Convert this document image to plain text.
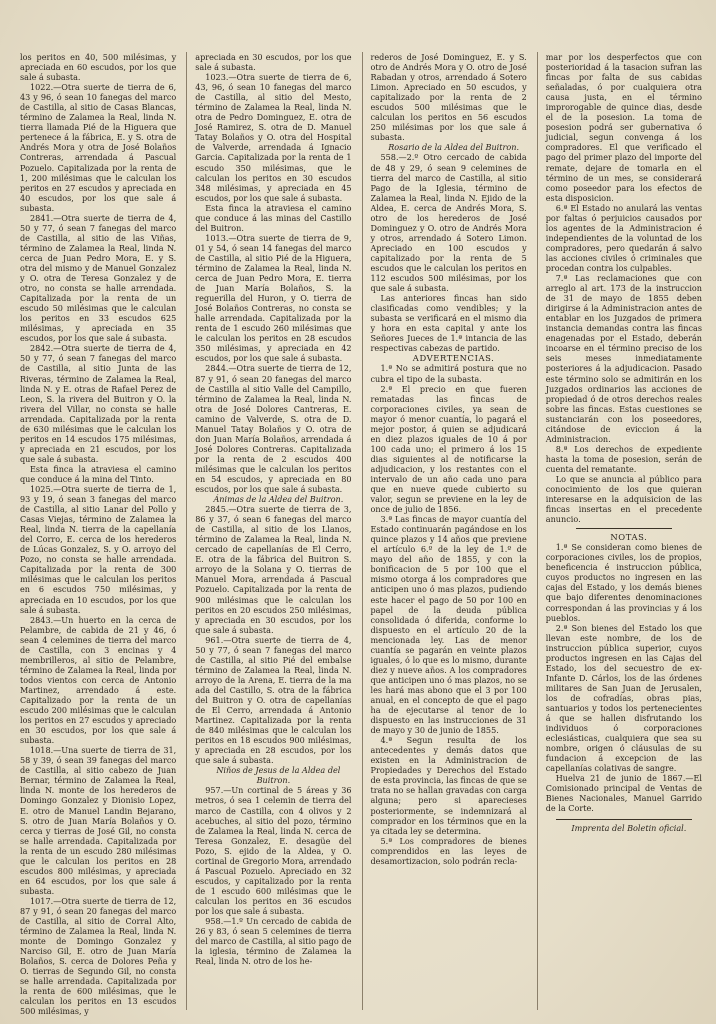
los peritos en 40, 500 milésimas, y apreciada en 60 escudos, por los que sale á subasta.

1022.—Otra suerte de tierra de 6, 43 y 96, ó sean 10 fanegas del marco de Castilla, al sitio de Casas Blancas, término de Zalamea la Real, linda N. tierra llamada Pié de la Higuera que pertenece á la fábrica, E. y S. otra de Andrés Mora y otra de José Bolaños Contreras, arrendada á Pascual Pozuelo. Capitalizada por la renta de 1, 200 milésimas que le calculan los peritos en 27 escudos y apreciada en 40 escudos, por los que sale á subasta.

2841.—Otra suerte de tierra de 4, 50 y 77, ó sean 7 fanegas del marco de Castilla, al sitio de las Viñas, término de Zalamea la Real, linda N. cerca de Juan Pedro Mora, E. y S. otra del mismo y de Manuel Gonzalez y O. otra de Teresa Gonzalez y de otro, no consta se halle arrendada. Capitalizada por la renta de un escudo 50 milésimas que le calculan los peritos en 33 escudos 625 milésimas, y apreciada en 35 escudos, por los que sale á subasta.

2842.—Otra suerte de tierra de 4, 50 y 77, ó sean 7 fanegas del marco de Castilla, al sitio Junta de las Riveras, término de Zalamea la Real, linda N. y E. otras de Rafael Perez de Leon, S. la rivera del Buitron y O. la rivera del Villar, no consta se halle arrendada. Capitalizada por la renta de 630 milésimas que le calculan los peritos en 14 escudos 175 milésimas, y apreciada en 21 escudos, por los que sale á subasta.

Esta finca la atraviesa el camino que conduce á la mina del Tinto.

1025.—Otra suerte de tierra de 1, 93 y 19, ó sean 3 fanegas del marco de Castilla, al sitio Lanar del Pollo y Casas Viejas, término de Zalamea la Real, linda N. tierra de la capellanía del Corro, E. cerca de los herederos de Lúcas Gonzalez, S. y O. arroyo del Pozo, no consta se halle arrendada. Capitalizada por la renta de 300 milésimas que le calculan los peritos en 6 escudos 750 milésimas, y apreciada en 10 escudos, por los que sale á subasta.

2843.—Un huerto en la cerca de Pelambre, de cabida de 21 y 46, ó sean 4 celemines de tierra del marco de Castilla, con 3 encinas y 4 membrilleros, al sitio de Pelambre, término de Zalamea la Real, linda por todos vientos con cerca de Antonio Martinez, arrendado á este. Capitalizado por la renta de un escudo 200 milésimas que le calculan los peritos en 27 escudos y apreciado en 30 escudos, por los que sale á subasta.

1018.—Una suerte de tierra de 31, 58 y 39, ó sean 39 fanegas del marco de Castilla, al sitio cabezo de Juan Bernar, término de Zalamea la Real, linda N. monte de los herederos de Domingo Gonzalez y Dionisio Lopez, E. otro de Manuel Landin Bejarano, S. otro de Juan María Bolaños y O. cerca y tierras de José Gil, no consta se halle arrendada. Capitalizada por la renta de un escudo 280 milésimas que le calculan los peritos en 28 escudos 800 milésimas, y apreciada en 64 escudos, por los que sale á subasta.

1017.—Otra suerte de tierra de 12, 87 y 91, ó sean 20 fanegas del marco de Castilla, al sitio de Corral Alto, término de Zalamea la Real, linda N. monte de Domingo Gonzalez y Narciso Gil, E. otro de Juan María Bolaños, S. cerca de Dolores Peña y O. tierras de Segundo Gil, no consta se halle arrendada. Capitalizada por la renta de 600 milésimas, que le calculan los peritos en 13 escudos 500 milésimas, y

apreciada en 30 escudos, por los que sale á subasta.

1023.—Otra suerte de tierra de 6, 43, 96, ó sean 10 fanegas del marco de Castilla, al sitio del Mesto, término de Zalamea la Real, linda N. otra de Pedro Dominguez, E. otra de José Ramirez, S. otra de D. Manuel Tatay Bolaños y O. otra del Hospital de Valverde, arrendada á Ignacio Garcia. Capitalizada por la renta de 1 escudo 350 milésimas, que le calculan los peritos en 30 escudos 348 milésimas, y apreciada en 45 escudos, por los que sale á subasta.

Esta finca la atraviesa el camino que conduce á las minas del Castillo del Buitron.

1013.—Otra suerte de tierra de 9, 01 y 54, ó sean 14 fanegas del marco de Castilla, al sitio Pié de la Higuera, término de Zalamea la Real, linda N. cerca de Juan Pedro Mora, E. tierra de Juan María Bolaños, S. la reguerilla del Huron, y O. tierra de José Bolaños Contreras, no consta se halle arrendada. Capitalizada por la renta de 1 escudo 260 milésimas que le calculan los peritos en 28 escudos 350 milésimas, y apreciada en 42 escudos, por los que sale á subasta.

2844.—Otra suerte de tierra de 12, 87 y 91, ó sean 20 fanegas del marco de Castilla al sitio Valle del Campillo, término de Zalamea la Real, linda N. otra de José Dolores Cantreras, E. camino de Valverde, S. otra de D. Manuel Tatay Bolaños y O. otra de don Juan María Bolaños, arrendada á José Dolores Contreras. Capitalizada por la renta de 2 escudos 400 milésimas que le calculan los peritos en 54 escudos, y apreciada en 80 escudos, por los que sale á subasta.

Ánimas de la Aldea del Buitron.

2845.—Otra suerte de tierra de 3, 86 y 37, ó sean 6 fanegas del marco de Castilla, al sitio de los Llanos, término de Zalamea la Real, linda N. cercado de capellanías de El Cerro, E. otra de la fábrica del Buitron S. arroyo de la Solana y O. tierras de Manuel Mora, arrendada á Pascual Pozuelo. Capitalizada por la renta de 900 milésimas que le calculan los peritos en 20 escudos 250 milésimas, y apreciada en 30 escudos, por los que sale á subasta.

961.—Otra suerte de tierra de 4, 50 y 77, ó sean 7 fanegas del marco de Castilla, al sitio Pié del embalse término de Zalamea la Real, linda N. arroyo de la Arena, E. tierra de la ma ada del Castillo, S. otra de la fábrica del Buitron y O. otra de capellanías de El Cerro, arrendada á Antonio Martinez. Capitalizada por la renta de 840 milésimas que le calculan los peritos en 18 escudos 900 milésimas, y apreciada en 28 escudos, por los que sale á subasta.

Niños de Jesus de la Aldea del Buitron.

957.—Un cortinal de 5 áreas y 36 metros, ó sea 1 celemin de tierra del marco de Castilla, con 4 olivos y 2 acebuches, al sitio del pozo, término de Zalamea la Real, linda N. cerca de Teresa Gonzalez, E. desagüe del Pozo, S. ejido de la Aldea, y O. cortinal de Gregorio Mora, arrendado á Pascual Pozuelo. Apreciado en 32 escudos, y capitalizado por la renta de 1 escudo 600 milésimas que le calculan los peritos en 36 escudos por los que sale á subasta.

958.—1.º Un cercado de cabida de 26 y 83, ó sean 5 celemines de tierra del marco de Castilla, al sitio pago de la iglesia, término de Zalamea la Real, linda N. otro de los he-

rederos de José Dominguez, E. y S. otro de Andrés Mora y O. otro de José Rabadan y otros, arrendado á Sotero Limon. Apreciado en 50 escudos, y capitalizado por la renta de 2 escudos 500 milésimas que le calculan los peritos en 56 escudos 250 milésimas por los que sale á subasta.

Rosario de la Aldea del Buitron.

558.—2.º Otro cercado de cabida de 48 y 29, ó sean 9 celemines de tierra del marco de Castilla, al sitio Pago de la Iglesia, término de Zalamea la Real, linda N. Ejido de la Aldea, E. cerca de Andrés Mora, S. otro de los herederos de José Dominguez y O. otro de Andrés Mora y otros, arrendado á Sotero Limon. Apreciado en 100 escudos y capitalizado por la renta de 5 escudos que le calculan los peritos en 112 escudos 500 milésimas, por los que sale á subasta.

Las anteriores fincas han sido clasificadas como vendibles; y la subasta se verificará en el mismo dia y hora en esta capital y ante los Señores Jueces de 1.ª intancia de las respectivas cabezas de partido.

ADVERTENCIAS.

1.ª No se admitirá postura que no cubra el tipo de la subasta.

2.ª El precio en que fueren rematadas las fincas de corporaciones civiles, ya sean de mayor ó menor cuantía, lo pagará el mejor postor, á quien se adjudicará en diez plazos iguales de 10 á por 100 cada uno; el primero á los 15 dias siguientes al de notificarse la adjudicacion, y los restantes con el intervalo de un año cada uno para que en nueve quede cubierto su valor, segun se previene en la ley de once de julio de 1856.

3.ª Las fincas de mayor cuantía del Estado continuarán pagándose en los quince plazos y 14 años que previene el artículo 6.º de la ley de 1.º de mayo del año de 1855, y con la bonificacion de 5 por 100 que el mismo otorga á los compradores que anticipen uno ó mas plazos, pudiendo este hacer el pago de 50 por 100 en papel de la deuda pública consolidada ó diferida, conforme lo dispuesto en el artículo 20 de la mencionada ley. Las de menor cuantía se pagarán en veinte plazos iguales, ó lo que es lo mismo, durante diez y nueve años. A los compradores que anticipen uno ó mas plazos, no se les hará mas abono que el 3 por 100 anual, en el concepto de que el pago ha de ejecutarse al tenor de lo dispuesto en las instrucciones de 31 de mayo y 30 de junio de 1855.

4.ª Segun resulta de los antecedentes y demás datos que existen en la Administracion de Propiedades y Derechos del Estado de esta provincia, las fincas de que se trata no se hallan gravadas con carga alguna; pero si aparecieses posteriormente, se indemnizará al comprador en los términos que en la ya citada ley se determina.

5.ª Los compradores de bienes comprendidos en las leyes de desamortizacion, solo podrán recla-

mar por los desperfectos que con posterioridad á la tasacion sufran las fincas por falta de sus cabidas señaladas, ó por cualquiera otra causa justa, en el término improrogable de quince dias, desde el de la posesion. La toma de posesion podrá ser gubernativa ó judicial, segun convenga á los compradores. El que verificado el pago del primer plazo del importe del remate, dejare de tomarla en el término de un mes, se considerará como poseedor para los efectos de esta disposicion.

6.ª El Estado no anulará las ventas por faltas ó perjuicios causados por los agentes de la Administracion é independientes de la voluntad de los compradores, pero quedarán á salvo las acciones civiles ó criminales que procedan contra los culpables.

7.ª Las reclamaciones que con arreglo al art. 173 de la instruccion de 31 de mayo de 1855 deben dirigirse á la Administracion antes de entablar en los Juzgados de primera instancia demandas contra las fincas enagenadas por el Estado, deberán incoarse en el término preciso de los seis meses inmediatamente posteriores á la adjudicacion. Pasado este término solo se admitirán en los Juzgados ordinarios las acciones de propiedad ó de otros derechos reales sobre las fincas. Estas cuestiones se sustanciarán con los poseedores, citándose de eviccion á la Administracion.

8.ª Los derechos de expediente hasta la toma de posesion, serán de cuenta del rematante.

Lo que se anuncia al público para conocimiento de los que quieran interesarse en la adquisicion de las fincas insertas en el precedente anuncio.

NOTAS.

1.ª Se consideran como bienes de corporaciones civiles, los de propios, beneficencia é instruccion pública, cuyos productos no ingresen en las cajas del Estado, y los demás bienes que bajo diferentes denominaciones correspondan á las provincias y á los pueblos.

2.ª Son bienes del Estado los que llevan este nombre, de los de instruccion pública superior, cuyos productos ingresen en las Cajas del Estado, los del secuestro de ex-Infante D. Cárlos, los de las órdenes militares de San Juan de Jerusalen, los de cofradías, obras pias, santuarios y todos los pertenecientes á que se hallen disfrutando los individuos ó corporaciones eclesiásticas, cualquiera que sea su nombre, origen ó cláusulas de su fundacion á excepcion de las capellanías colativas de sangre.

Huelva 21 de junio de 1867.—El Comisionado principal de Ventas de Bienes Nacionales, Manuel Garrido de la Corte.

Imprenta del Boletin oficial.
